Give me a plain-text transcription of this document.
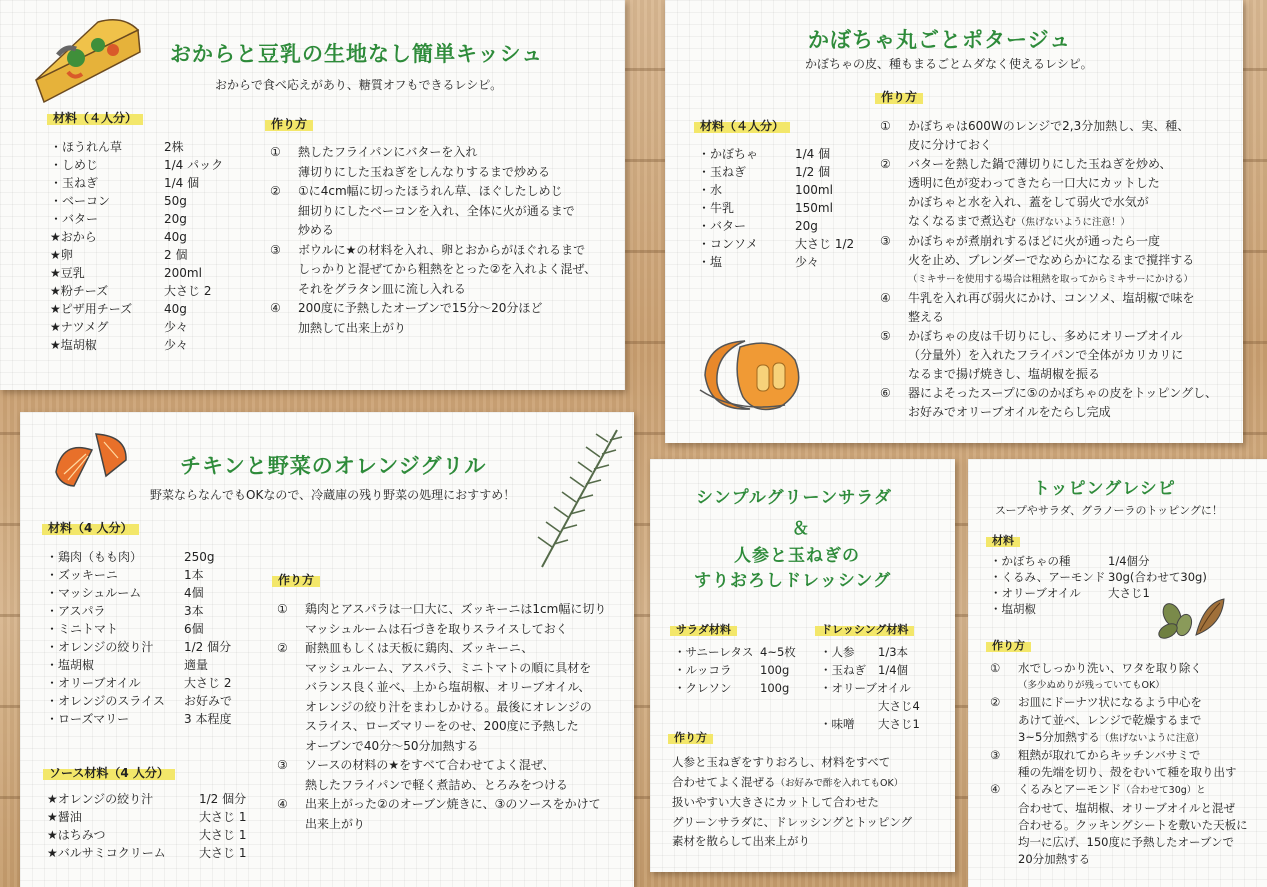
おからと豆乳の生地なし簡単キッシュ
おからで食べ応えがあり、糖質オフもできるレシピ。
材料（４人分）	作り方
・ほうれん草	2株
・しめじ	1/4 パック
・玉ねぎ	1/4 個
・ベーコン	50g
・バター	20g
★おから	40g
★卵	2 個
★豆乳	200ml
★粉チーズ	大さじ 2
★ピザ用チーズ	40g
★ナツメグ	少々
★塩胡椒	少々
①	熱したフライパンにバターを入れ
薄切りにした玉ねぎをしんなりするまで炒める
②	①に4cm幅に切ったほうれん草、ほぐしたしめじ
細切りにしたベーコンを入れ、全体に火が通るまで
炒める
③	ボウルに★の材料を入れ、卵とおからがほぐれるまで
しっかりと混ぜてから粗熱をとった②を入れよく混ぜ、
それをグラタン皿に流し入れる
④	200度に予熱したオーブンで15分～20分ほど
加熱して出来上がり
かぼちゃ丸ごとポタージュ
かぼちゃの皮、種もまるごとムダなく使えるレシピ。
作り方
材料（４人分）
・かぼちゃ	1/4 個
・玉ねぎ	1/2 個
・水	100ml
・牛乳	150ml
・バター	20g
・コンソメ	大さじ 1/2
・塩	少々
①	かぼちゃは600Wのレンジで2,3分加熱し、実、種、
皮に分けておく
②	バターを熱した鍋で薄切りにした玉ねぎを炒め、
透明に色が変わってきたら一口大にカットした
かぼちゃと水を入れ、蓋をして弱火で水気が
なくなるまで煮込む（焦げないように注意！）
③	かぼちゃが煮崩れするほどに火が通ったら一度
火を止め、ブレンダーでなめらかになるまで撹拌する
（ミキサーを使用する場合は粗熱を取ってからミキサーにかける）
④	牛乳を入れ再び弱火にかけ、コンソメ、塩胡椒で味を
整える
⑤	かぼちゃの皮は千切りにし、多めにオリーブオイル
（分量外）を入れたフライパンで全体がカリカリに
なるまで揚げ焼きし、塩胡椒を振る
⑥	器によそったスープに⑤のかぼちゃの皮をトッピングし、
お好みでオリーブオイルをたらし完成
チキンと野菜のオレンジグリル
野菜ならなんでもOKなので、冷蔵庫の残り野菜の処理におすすめ！
材料（4 人分）
・鶏肉（もも肉）	250g
・ズッキーニ	1本
・マッシュルーム	4個
・アスパラ	3本
・ミニトマト	6個
・オレンジの絞り汁	1/2 個分
・塩胡椒	適量
・オリーブオイル	大さじ 2
・オレンジのスライス	お好みで
・ローズマリー	3 本程度
ソース材料（4 人分）
★オレンジの絞り汁	1/2 個分
★醤油	大さじ 1
★はちみつ	大さじ 1
★バルサミコクリーム	大さじ 1
作り方
①	鶏肉とアスパラは一口大に、ズッキーニは1cm幅に切り
マッシュルームは石づきを取りスライスしておく
②	耐熱皿もしくは天板に鶏肉、ズッキーニ、
マッシュルーム、アスパラ、ミニトマトの順に具材を
バランス良く並べ、上から塩胡椒、オリーブオイル、
オレンジの絞り汁をまわしかける。最後にオレンジの
スライス、ローズマリーをのせ、200度に予熱した
オーブンで40分～50分加熱する
③	ソースの材料の★をすべて合わせてよく混ぜ、
熱したフライパンで軽く煮詰め、とろみをつける
④	出来上がった②のオーブン焼きに、③のソースをかけて
出来上がり
シンプルグリーンサラダ
＆
人参と玉ねぎの
すりおろしドレッシング
サラダ材料	ドレッシング材料
・サニーレタス 4~5枚
・ルッコラ	100g
・クレソン	100g
・人参	1/3本
・玉ねぎ	1/4個
・オリーブオイル
大さじ4
・味噌	大さじ1
作り方
人参と玉ねぎをすりおろし、材料をすべて
合わせてよく混ぜる（お好みで酢を入れてもOK）
扱いやすい大きさにカットして合わせた
グリーンサラダに、ドレッシングとトッピング
素材を散らして出来上がり
トッピングレシピ
スープやサラダ、グラノーラのトッピングに！
材料
・かぼちゃの種	1/4個分
・くるみ、アーモンド 30g(合わせて30g)
・オリーブオイル	大さじ1
・塩胡椒
作り方
①	水でしっかり洗い、ワタを取り除く
（多少ぬめりが残っていてもOK）
②	お皿にドーナツ状になるよう中心を
あけて並べ、レンジで乾燥するまで
3~5分加熱する（焦げないように注意）
③	粗熱が取れてからキッチンバサミで
種の先端を切り、殻をむいて種を取り出す
④	くるみとアーモンド（合わせて30g）と
合わせて、塩胡椒、オリーブオイルと混ぜ
合わせる。クッキングシートを敷いた天板に
均一に広げ、150度に予熱したオーブンで
20分加熱する
